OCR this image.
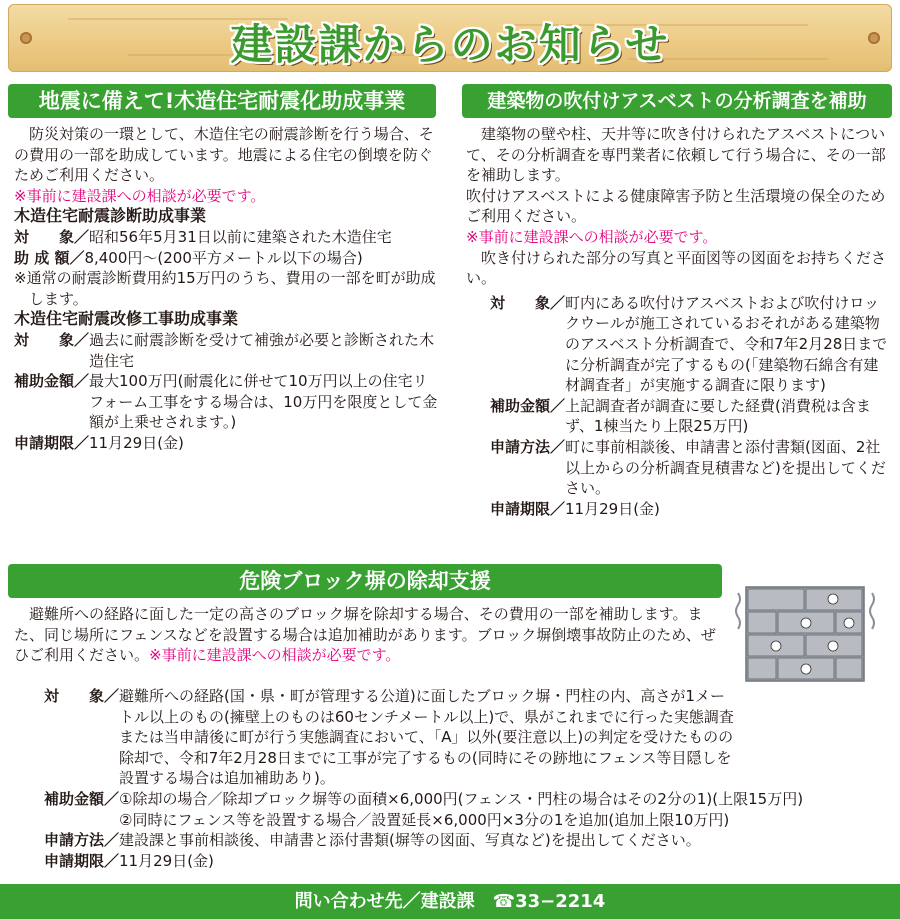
建設課からのお知らせ
地震に備えて!木造住宅耐震化助成事業

防災対策の一環として、木造住宅の耐震診断を行う場合、その費用の一部を助成しています。地震による住宅の倒壊を防ぐためご利用ください。

※事前に建設課への相談が必要です。

木造住宅耐震診断助成事業

対　　象／ 昭和56年5月31日以前に建築された木造住宅
助 成 額／ 8,400円〜(200平方メートル以下の場合)

※通常の耐震診断費用約15万円のうち、費用の一部を町が助成します。

木造住宅耐震改修工事助成事業

対　　象／ 過去に耐震診断を受けて補強が必要と診断された木造住宅
補助金額／ 最大100万円(耐震化に併せて10万円以上の住宅リフォーム工事をする場合は、10万円を限度として金額が上乗せされます。)
申請期限／ 11月29日(金)
建築物の吹付けアスベストの分析調査を補助

建築物の壁や柱、天井等に吹き付けられたアスベストについて、その分析調査を専門業者に依頼して行う場合に、その一部を補助します。

吹付けアスベストによる健康障害予防と生活環境の保全のためご利用ください。

※事前に建設課への相談が必要です。

吹き付けられた部分の写真と平面図等の図面をお持ちください。

対　　象／ 町内にある吹付けアスベストおよび吹付けロックウールが施工されているおそれがある建築物のアスベスト分析調査で、令和7年2月28日までに分析調査が完了するもの(「建築物石綿含有建材調査者」が実施する調査に限ります)
補助金額／ 上記調査者が調査に要した経費(消費税は含まず、1棟当たり上限25万円)
申請方法／ 町に事前相談後、申請書と添付書類(図面、2社以上からの分析調査見積書など)を提出してください。
申請期限／ 11月29日(金)
危険ブロック塀の除却支援

避難所への経路に面した一定の高さのブロック塀を除却する場合、その費用の一部を補助します。また、同じ場所にフェンスなどを設置する場合は追加補助があります。ブロック塀倒壊事故防止のため、ぜひご利用ください。※事前に建設課への相談が必要です。

対　　象／ 避難所への経路(国・県・町が管理する公道)に面したブロック塀・門柱の内、高さが1メートル以上のもの(擁壁上のものは60センチメートル以上)で、県がこれまでに行った実態調査または当申請後に町が行う実態調査において、「A」以外(要注意以上)の判定を受けたものの除却で、令和7年2月28日までに工事が完了するもの(同時にその跡地にフェンス等目隠しを設置する場合は追加補助あり)。
補助金額／ ①除却の場合／除却ブロック塀等の面積×6,000円(フェンス・門柱の場合はその2分の1)(上限15万円)
②同時にフェンス等を設置する場合／設置延長×6,000円×3分の1を追加(追加上限10万円)
申請方法／ 建設課と事前相談後、申請書と添付書類(塀等の図面、写真など)を提出してください。
申請期限／ 11月29日(金)
問い合わせ先／建設課　☎33−2214
